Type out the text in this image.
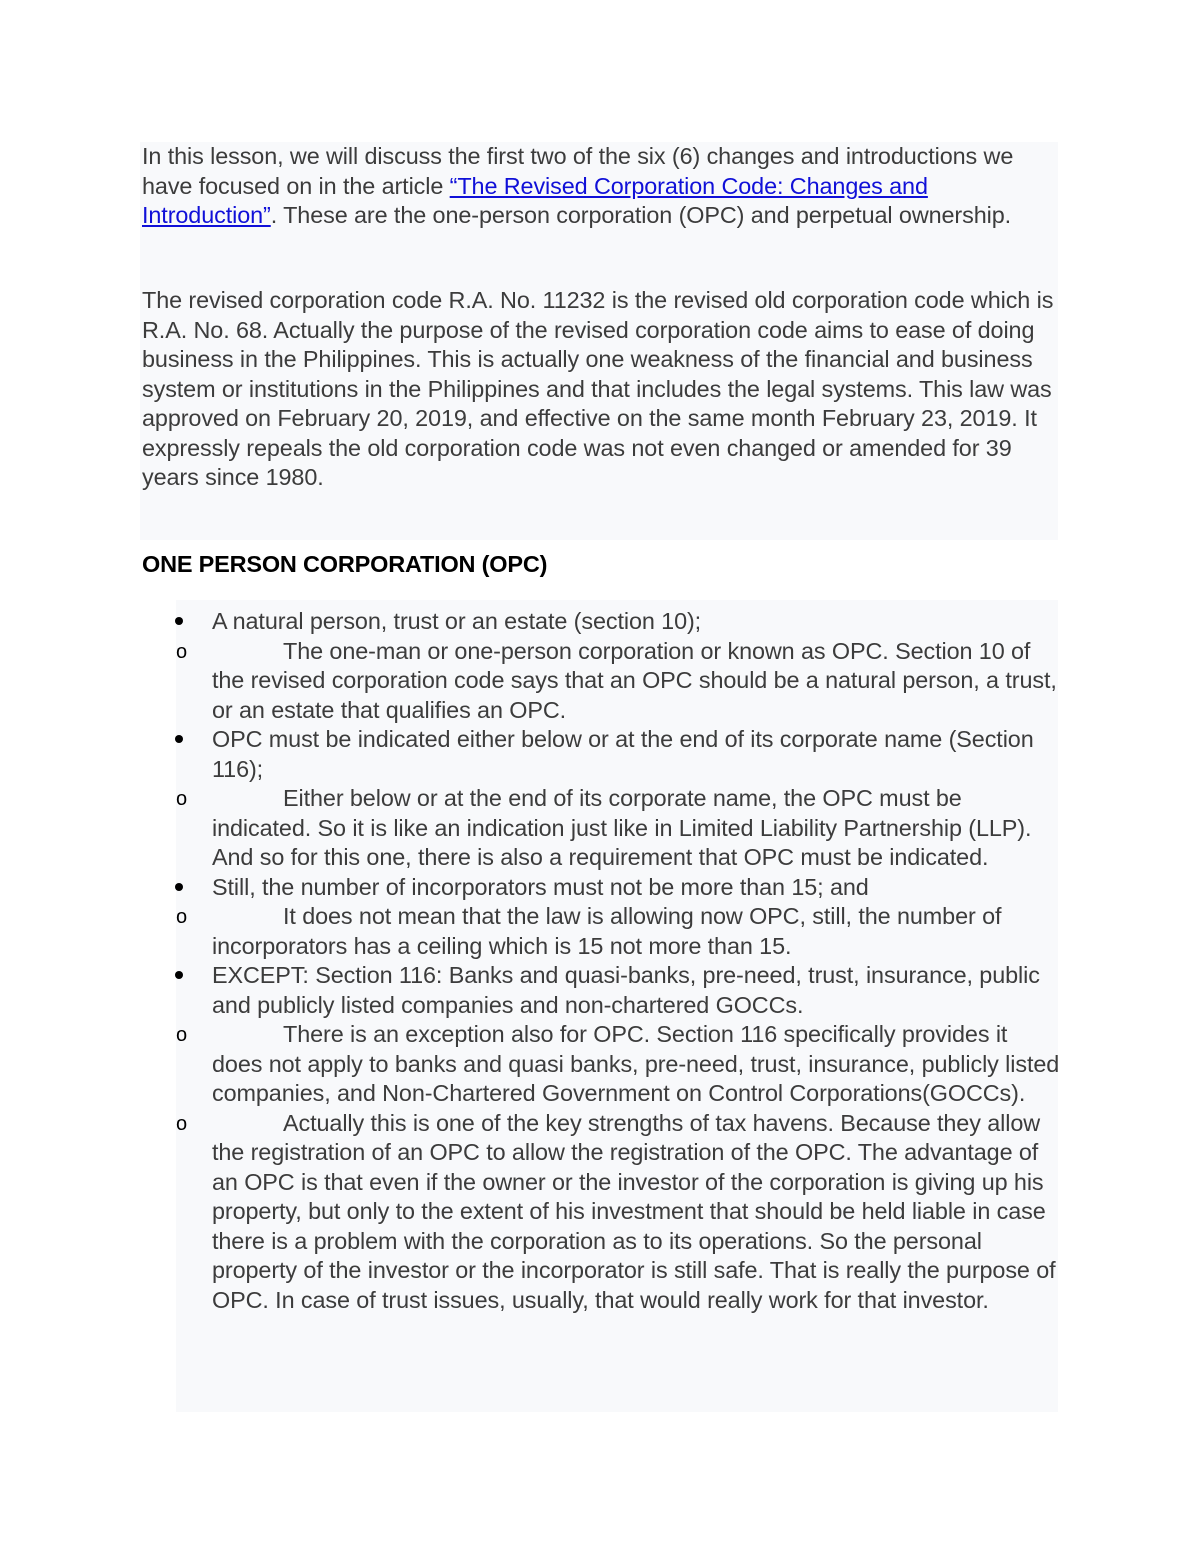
In this lesson, we will discuss the first two of the six (6) changes and introductions we have focused on in the article “The Revised Corporation Code: Changes and Introduction”. These are the one-person corporation (OPC) and perpetual ownership.

The revised corporation code R.A. No. 11232 is the revised old corporation code which is R.A. No. 68. Actually the purpose of the revised corporation code aims to ease of doing business in the Philippines. This is actually one weakness of the financial and business system or institutions in the Philippines and that includes the legal systems. This law was approved on February 20, 2019, and effective on the same month February 23, 2019. It expressly repeals the old corporation code was not even changed or amended for 39 years since 1980.

ONE PERSON CORPORATION (OPC)
A natural person, trust or an estate (section 10);
o	The one-man or one-person corporation or known as OPC. Section 10 of the revised corporation code says that an OPC should be a natural person, a trust, or an estate that qualifies an OPC.
OPC must be indicated either below or at the end of its corporate name (Section 116);
o	Either below or at the end of its corporate name, the OPC must be indicated. So it is like an indication just like in Limited Liability Partnership (LLP). And so for this one, there is also a requirement that OPC must be indicated.
Still, the number of incorporators must not be more than 15; and
o	It does not mean that the law is allowing now OPC, still, the number of incorporators has a ceiling which is 15 not more than 15.
EXCEPT: Section 116: Banks and quasi-banks, pre-need, trust, insurance, public and publicly listed companies and non-chartered GOCCs.
o	There is an exception also for OPC. Section 116 specifically provides it does not apply to banks and quasi banks, pre-need, trust, insurance, publicly listed companies, and Non-Chartered Government on Control Corporations(GOCCs).
o	Actually this is one of the key strengths of tax havens. Because they allow the registration of an OPC to allow the registration of the OPC. The advantage of an OPC is that even if the owner or the investor of the corporation is giving up his property, but only to the extent of his investment that should be held liable in case there is a problem with the corporation as to its operations. So the personal property of the investor or the incorporator is still safe. That is really the purpose of OPC. In case of trust issues, usually, that would really work for that investor.
